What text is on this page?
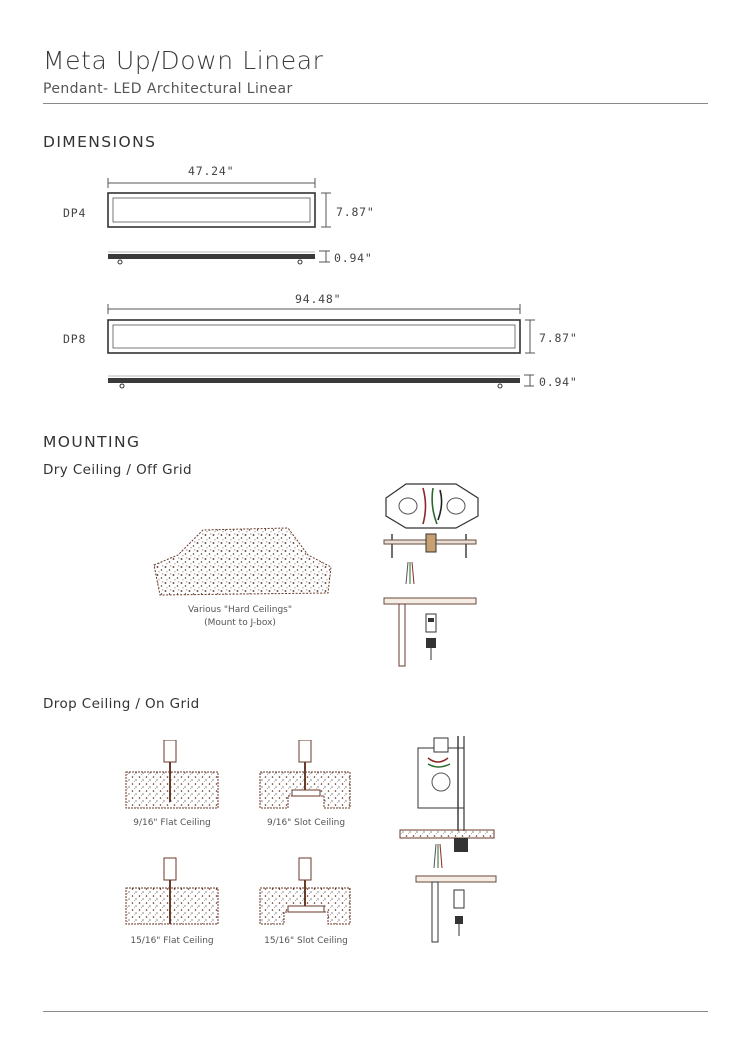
Meta Up/Down Linear
Pendant- LED Architectural Linear
DIMENSIONS
DP4
47.24"
7.87"
0.94"
DP8
94.48"
7.87"
0.94"
MOUNTING
Dry Ceiling / Off Grid
Various "Hard Ceilings"
(Mount to J-box)
Drop Ceiling / On Grid
9/16" Flat Ceiling	9/16" Slot Ceiling
15/16" Flat Ceiling	15/16" Slot Ceiling
